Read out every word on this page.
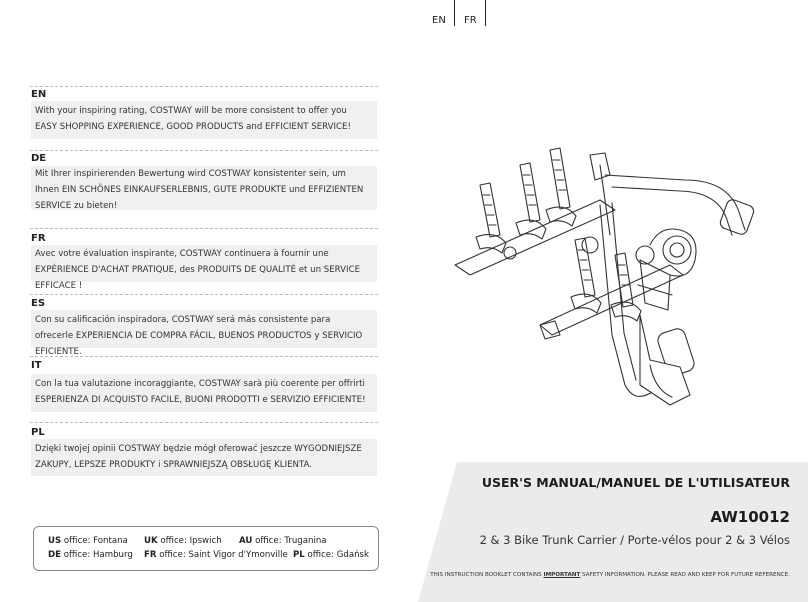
EN FR
EN
With your inspiring rating, COSTWAY will be more consistent to offer you EASY SHOPPING EXPERIENCE, GOOD PRODUCTS and EFFICIENT SERVICE!
DE
Mit Ihrer inspirierenden Bewertung wird COSTWAY konsistenter sein, um Ihnen EIN SCHÖNES EINKAUFSERLEBNIS, GUTE PRODUKTE und EFFIZIENTEN SERVICE zu bieten!
FR
Avec votre évaluation inspirante, COSTWAY continuera à fournir une EXPÉRIENCE D'ACHAT PRATIQUE, des PRODUITS DE QUALITÉ et un SERVICE EFFICACE !
ES
Con su calificación inspiradora, COSTWAY será más consistente para ofrecerle EXPERIENCIA DE COMPRA FÁCIL, BUENOS PRODUCTOS y SERVICIO EFICIENTE.
IT
Con la tua valutazione incoraggiante, COSTWAY sarà più coerente per offrirti ESPERIENZA DI ACQUISTO FACILE, BUONI PRODOTTI e SERVIZIO EFFICIENTE!
PL
Dzięki twojej opinii COSTWAY będzie mógł oferować jeszcze WYGODNIEJSZE ZAKUPY, LEPSZE PRODUKTY i SPRAWNIEJSZĄ OBSŁUGĘ KLIENTA.
US office: Fontana UK office: Ipswich AU office: Truganina
DE office: Hamburg FR office: Saint Vigor d'Ymonville PL office: Gdańsk
USER'S MANUAL/MANUEL DE L'UTILISATEUR
AW10012
2 & 3 Bike Trunk Carrier / Porte-vélos pour 2 & 3 Vélos
THIS INSTRUCTION BOOKLET CONTAINS IMPORTANT SAFETY INFORMATION. PLEASE READ AND KEEP FOR FUTURE REFERENCE.
